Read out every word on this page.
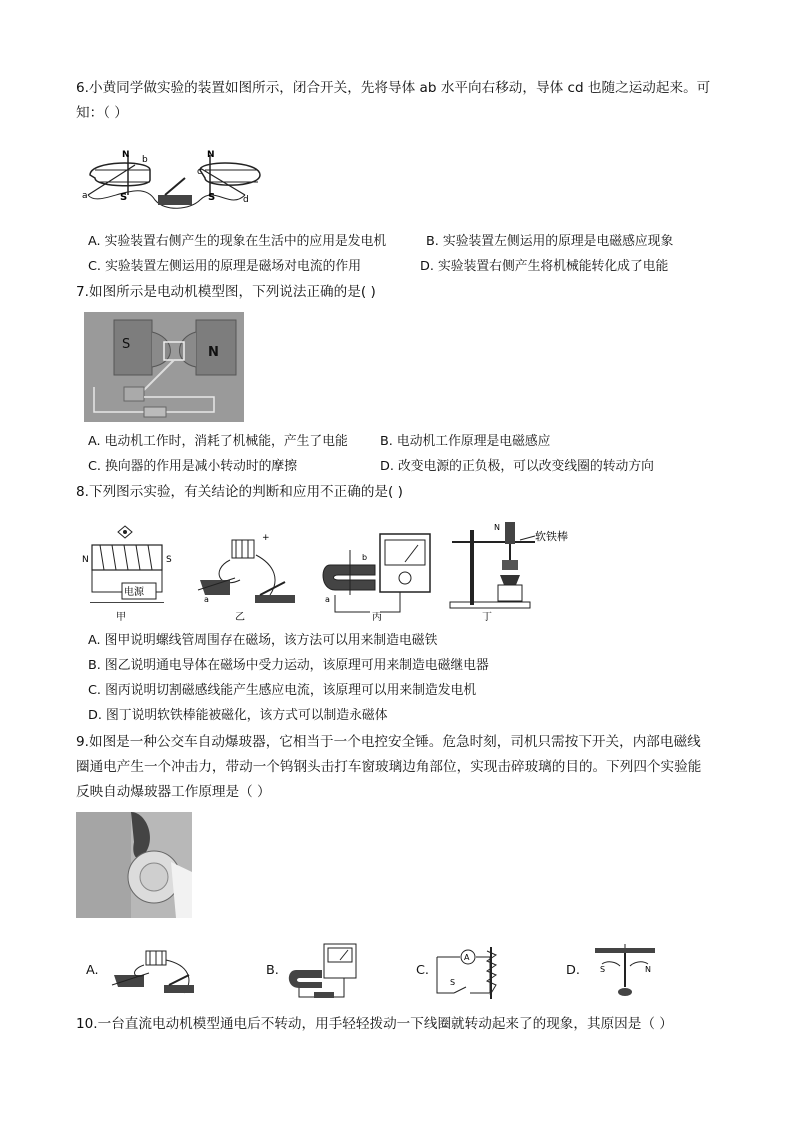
6.小黄同学做实验的装置如图所示，闭合开关，先将导体 ab 水平向右移动，导体 cd 也随之运动起来。可
知：（ ）
N b
a	S
N
c
S	d
A. 实验装置右侧产生的现象在生活中的应用是发电机	B. 实验装置左侧运用的原理是电磁感应现象
C. 实验装置左侧运用的原理是磁场对电流的作用	D. 实验装置右侧产生将机械能转化成了电能
7.如图所示是电动机模型图，下列说法正确的是( )
S
N
A. 电动机工作时，消耗了机械能，产生了电能	B. 电动机工作原理是电磁感应
C. 换向器的作用是减小转动时的摩擦	D. 改变电源的正负极，可以改变线圈的转动方向
8.下列图示实验，有关结论的判断和应用不正确的是( )
电源
N	S
甲
+
a
乙
a
b
丙
N
软铁棒
丁
A. 图甲说明螺线管周围存在磁场，该方法可以用来制造电磁铁
B. 图乙说明通电导体在磁场中受力运动，该原理可用来制造电磁继电器
C. 图丙说明切割磁感线能产生感应电流，该原理可以用来制造发电机
D. 图丁说明软铁棒能被磁化，该方式可以制造永磁体
9.如图是一种公交车自动爆玻器，它相当于一个电控安全锤。危急时刻，司机只需按下开关，内部电磁线
圈通电产生一个冲击力，带动一个钨钢头击打车窗玻璃边角部位，实现击碎玻璃的目的。下列四个实验能
反映自动爆玻器工作原理是（ ）
A.	B.	C.
A
S
D.	S	N
10.一台直流电动机模型通电后不转动，用手轻轻拨动一下线圈就转动起来了的现象，其原因是（ ）
